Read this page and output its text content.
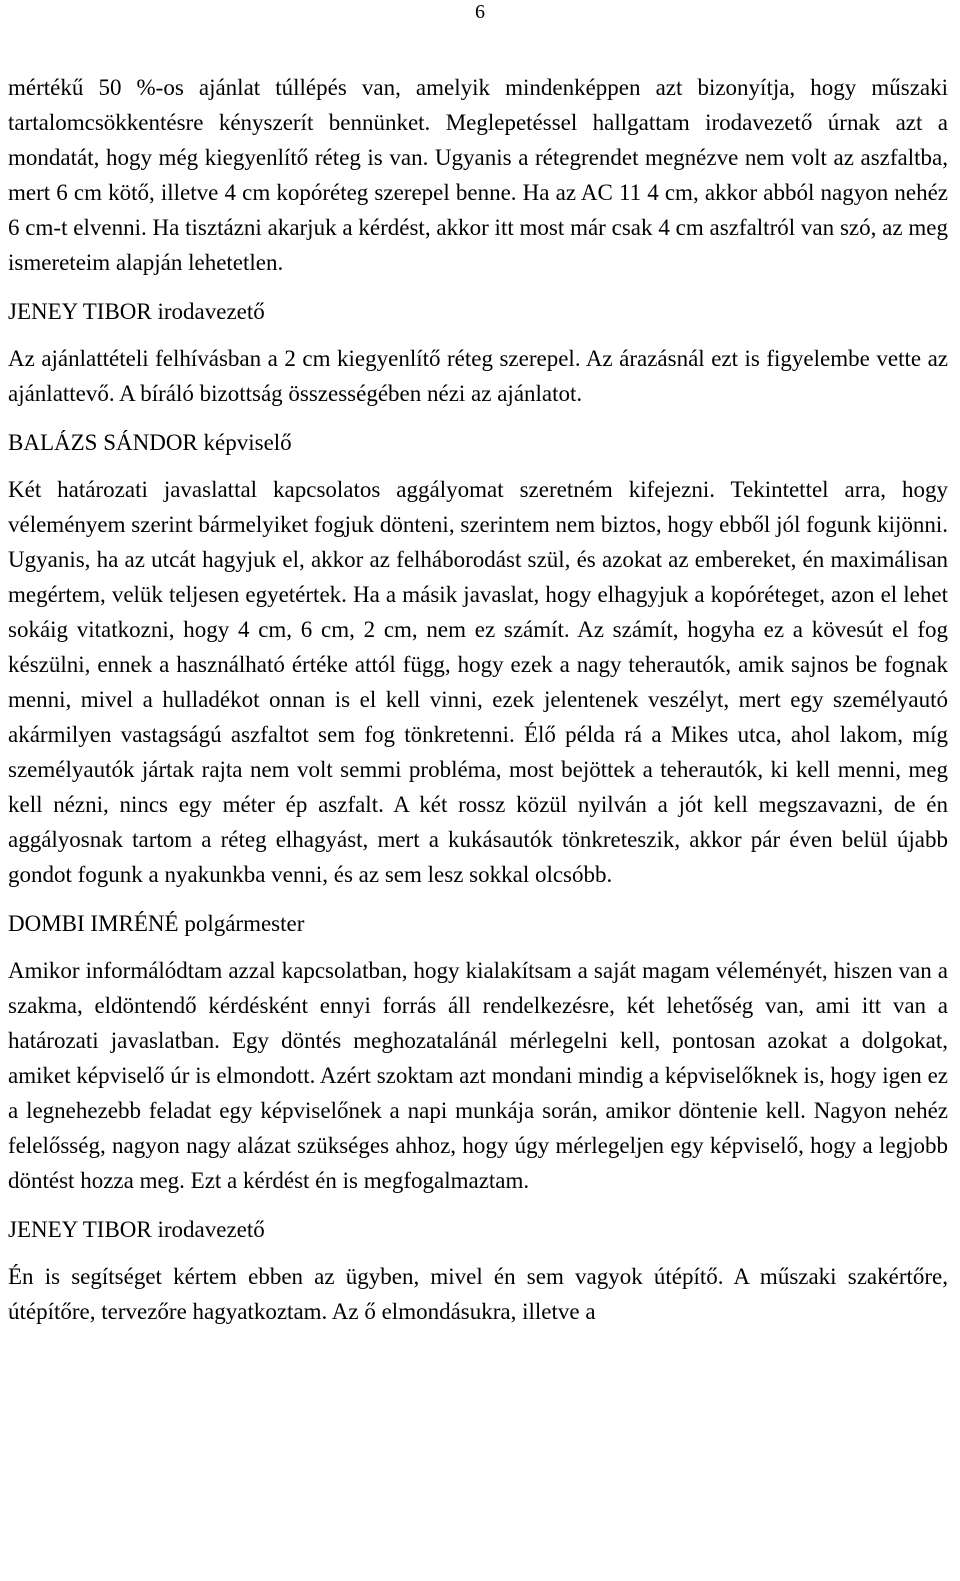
6

mértékű 50 %-os ajánlat túllépés van, amelyik mindenképpen azt bizonyítja, hogy műszaki tartalomcsökkentésre kényszerít bennünket. Meglepetéssel hallgattam irodavezető úrnak azt a mondatát, hogy még kiegyenlítő réteg is van. Ugyanis a rétegrendet megnézve nem volt az aszfaltba, mert 6 cm kötő, illetve 4 cm kopóréteg szerepel benne. Ha az AC 11 4 cm, akkor abból nagyon nehéz 6 cm-t elvenni. Ha tisztázni akarjuk a kérdést, akkor itt most már csak 4 cm aszfaltról van szó, az meg ismereteim alapján lehetetlen.

JENEY TIBOR irodavezető

Az ajánlattételi felhívásban a 2 cm kiegyenlítő réteg szerepel. Az árazásnál ezt is figyelembe vette az ajánlattevő. A bíráló bizottság összességében nézi az ajánlatot.

BALÁZS SÁNDOR képviselő

Két határozati javaslattal kapcsolatos aggályomat szeretném kifejezni. Tekintettel arra, hogy véleményem szerint bármelyiket fogjuk dönteni, szerintem nem biztos, hogy ebből jól fogunk kijönni. Ugyanis, ha az utcát hagyjuk el, akkor az felháborodást szül, és azokat az embereket, én maximálisan megértem, velük teljesen egyetértek. Ha a másik javaslat, hogy elhagyjuk a kopóréteget, azon el lehet sokáig vitatkozni, hogy 4 cm, 6 cm, 2 cm, nem ez számít. Az számít, hogyha ez a kövesút el fog készülni, ennek a használható értéke attól függ, hogy ezek a nagy teherautók, amik sajnos be fognak menni, mivel a hulladékot onnan is el kell vinni, ezek jelentenek veszélyt, mert egy személyautó akármilyen vastagságú aszfaltot sem fog tönkretenni. Élő példa rá a Mikes utca, ahol lakom, míg személyautók jártak rajta nem volt semmi probléma, most bejöttek a teherautók, ki kell menni, meg kell nézni, nincs egy méter ép aszfalt. A két rossz közül nyilván a jót kell megszavazni, de én aggályosnak tartom a réteg elhagyást, mert a kukásautók tönkreteszik, akkor pár éven belül újabb gondot fogunk a nyakunkba venni, és az sem lesz sokkal olcsóbb.

DOMBI IMRÉNÉ polgármester

Amikor informálódtam azzal kapcsolatban, hogy kialakítsam a saját magam véleményét, hiszen van a szakma, eldöntendő kérdésként ennyi forrás áll rendelkezésre, két lehetőség van, ami itt van a határozati javaslatban. Egy döntés meghozatalánál mérlegelni kell, pontosan azokat a dolgokat, amiket képviselő úr is elmondott. Azért szoktam azt mondani mindig a képviselőknek is, hogy igen ez a legnehezebb feladat egy képviselőnek a napi munkája során, amikor döntenie kell. Nagyon nehéz felelősség, nagyon nagy alázat szükséges ahhoz, hogy úgy mérlegeljen egy képviselő, hogy a legjobb döntést hozza meg. Ezt a kérdést én is megfogalmaztam.

JENEY TIBOR irodavezető

Én is segítséget kértem ebben az ügyben, mivel én sem vagyok útépítő. A műszaki szakértőre, útépítőre, tervezőre hagyatkoztam. Az ő elmondásukra, illetve a
